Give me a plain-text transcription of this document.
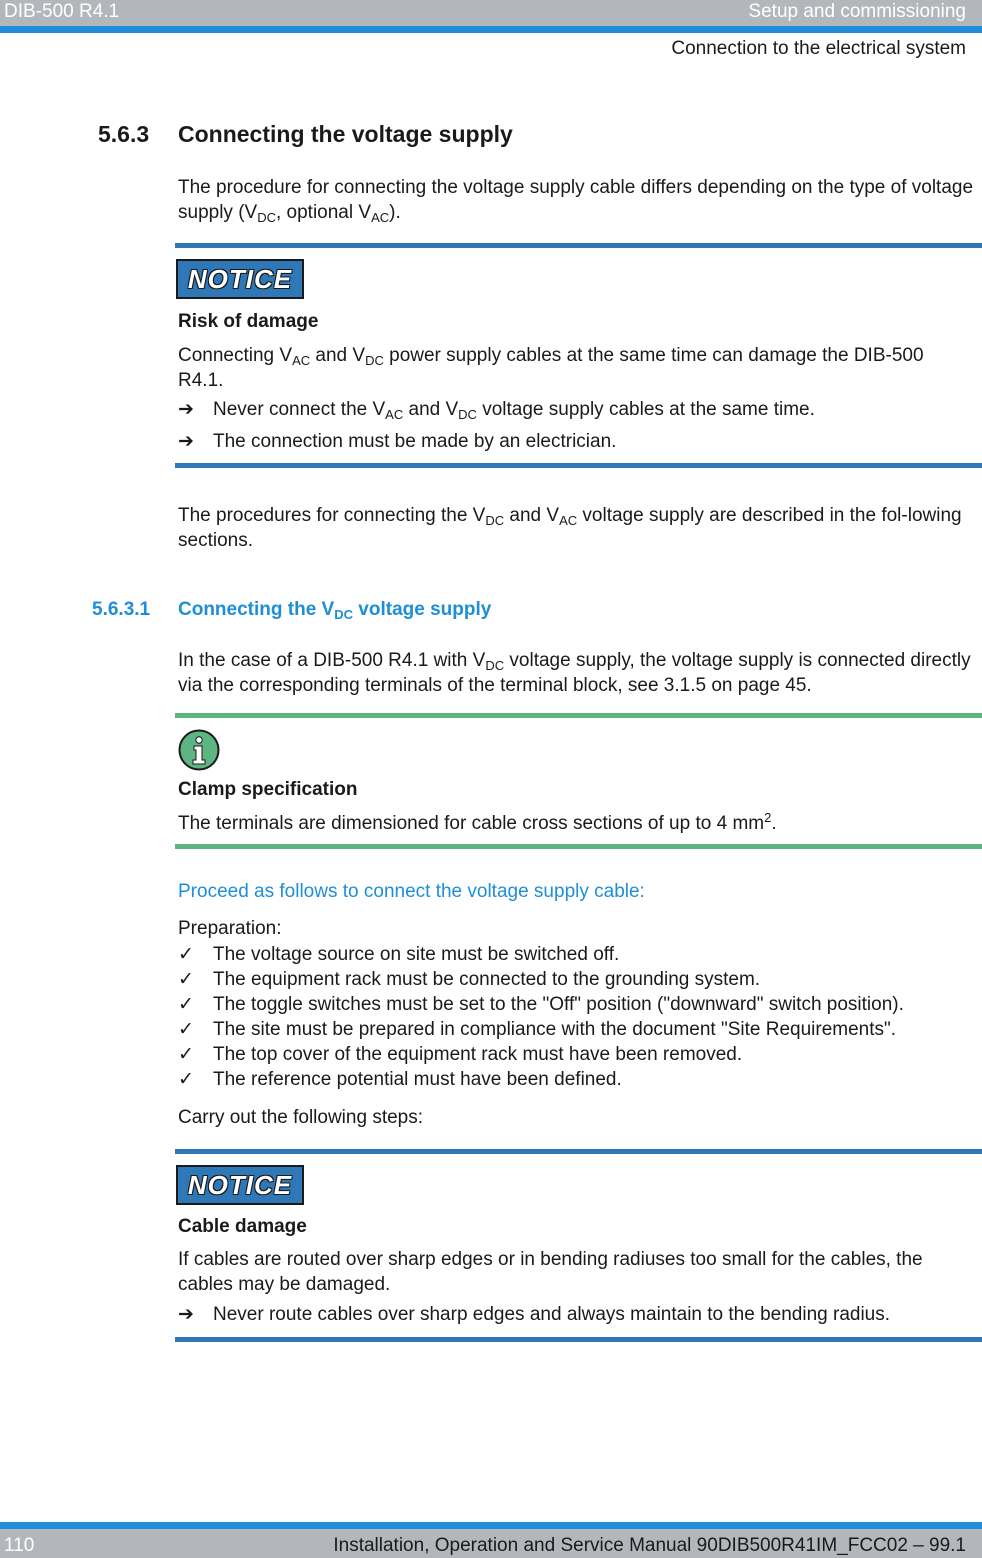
DIB-500 R4.1	Setup and commissioning
Connection to the electrical system
5.6.3 Connecting the voltage supply
The procedure for connecting the voltage supply cable differs depending on the type of voltage supply ($V_{DC}$, optional $V_{AC}$).
NOTICE
Risk of damage
Connecting $V_{AC}$ and $V_{DC}$ power supply cables at the same time can damage the DIB-500 R4.1.
➔	Never connect the $V_{AC}$ and $V_{DC}$ voltage supply cables at the same time.
➔	The connection must be made by an electrician.
The procedures for connecting the $V_{DC}$ and $V_{AC}$ voltage supply are described in the fol-lowing sections.
5.6.3.1 Connecting the $V_{DC}$ voltage supply
In the case of a DIB-500 R4.1 with $V_{DC}$ voltage supply, the voltage supply is connected directly via the corresponding terminals of the terminal block, see 3.1.5 on page 45.
Clamp specification
The terminals are dimensioned for cable cross sections of up to 4 $mm^2$.
Proceed as follows to connect the voltage supply cable:
Preparation:
✓	The voltage source on site must be switched off.
✓	The equipment rack must be connected to the grounding system.
✓	The toggle switches must be set to the "Off" position ("downward" switch position).
✓	The site must be prepared in compliance with the document "Site Requirements".
✓	The top cover of the equipment rack must have been removed.
✓	The reference potential must have been defined.
Carry out the following steps:
NOTICE
Cable damage
If cables are routed over sharp edges or in bending radiuses too small for the cables, the cables may be damaged.
➔	Never route cables over sharp edges and always maintain to the bending radius.
110	Installation, Operation and Service Manual 90DIB500R41IM_FCC02 – 99.1
